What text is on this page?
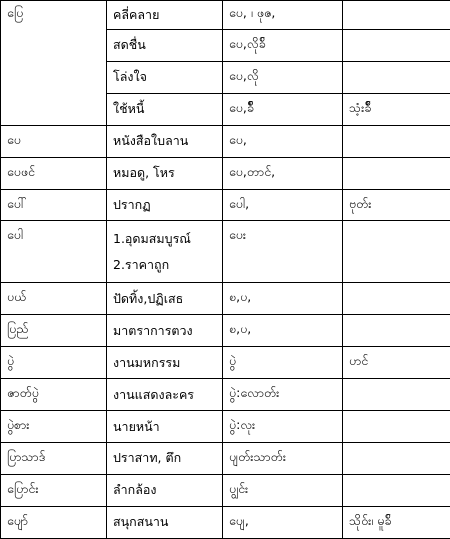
ပြေ	คลี่คลาย	ပေ, ၊ ဖုဇ,	
	สดชื่น	ပေ,လိုခ်ိ	
	โล่งใจ	ပေ,လို	
	ใช้หนี้	ပေ,ခ်ိဳ	သံ့းခ်ိဳ
ပေ	หนังสือใบลาน	ပေ,	
ပေဖင်	หมอดู, โหร	ပေ,တာင်,	
ပေါ်	ปรากฏ	ပေါ,	ဗုတ်း
ပေါ	1.อุดมสมบูรณ์
2.ราคาถูก	ပေး	
ပယ်	ปัดทิ้ง,ปฏิเสธ	ၿ,ပ,	
ပြည်	มาตราการตวง	ၿ,ပ,	
ပွဲ	งานมหกรรม	ပွဲ	ပာင်
ဇာတ်ပွဲ	งานแสดงละคร	ပွဲ:လောတ်း	
ပွဲစား	นายหน้า	ပွဲ:လုး	
ပြာသာဒ်	ปราสาท, ตึก	ပျတ်းသာတ်း	
ပြောင်း	ลำกล้อง	ပျွင်း	
ပျော်	สนุกสนาน	ပျေ,	သိုဝ်း၊ မူခ်ိ
